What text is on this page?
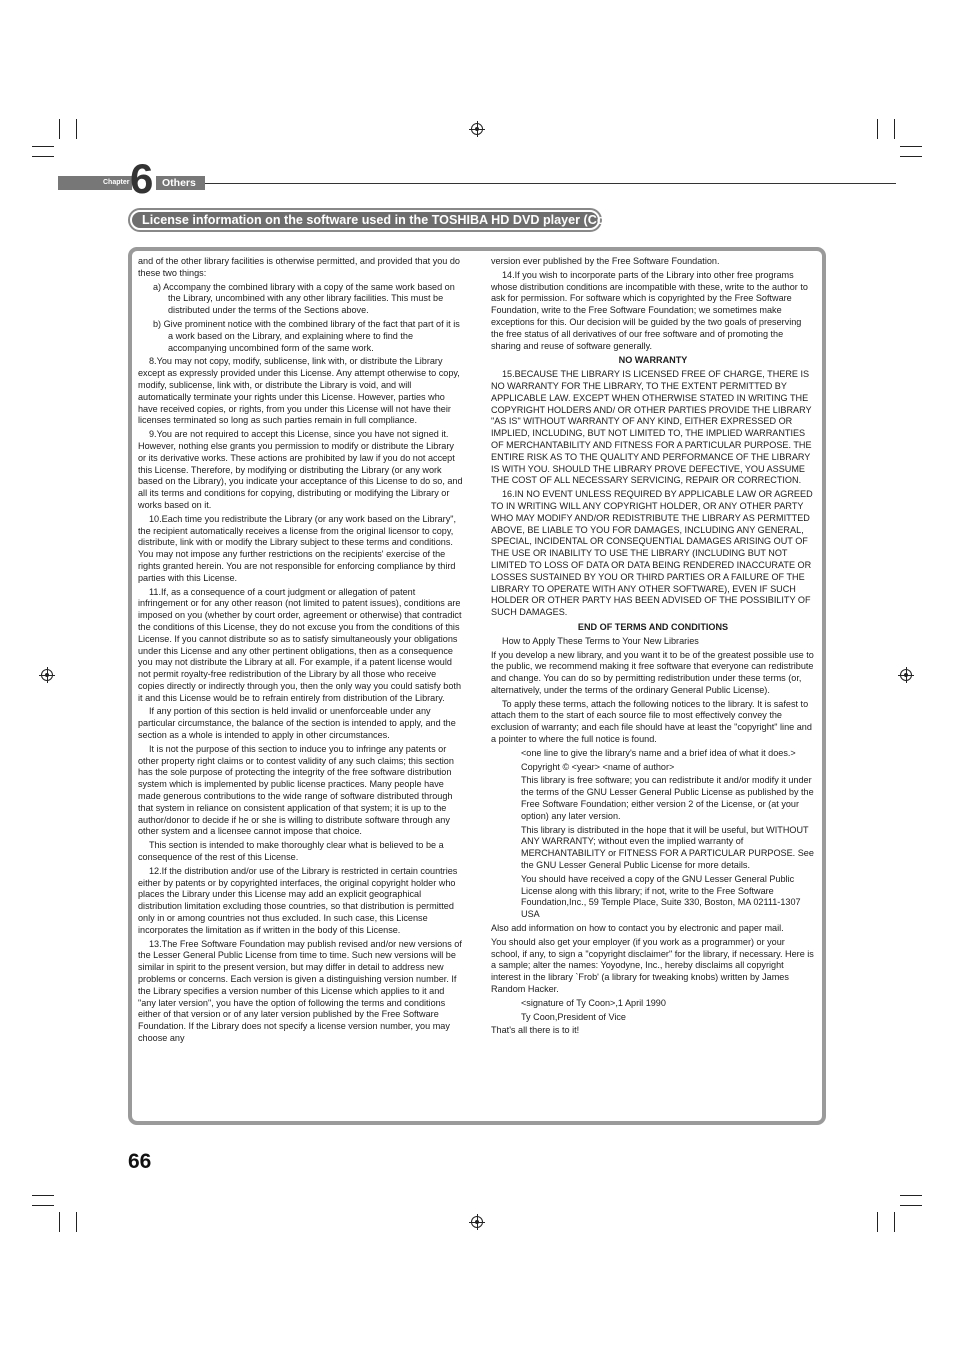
Chapter 6 Others
License information on the software used in the TOSHIBA HD DVD player (Continued)

and of the other library facilities is otherwise permitted, and provided that you do these two things:

a) Accompany the combined library with a copy of the same work based on the Library, uncombined with any other library facilities. This must be distributed under the terms of the Sections above.

b) Give prominent notice with the combined library of the fact that part of it is a work based on the Library, and explaining where to find the accompanying uncombined form of the same work.

8.You may not copy, modify, sublicense, link with, or distribute the Library except as expressly provided under this License. Any attempt otherwise to copy, modify, sublicense, link with, or distribute the Library is void, and will automatically terminate your rights under this License. However, parties who have received copies, or rights, from you under this License will not have their licenses terminated so long as such parties remain in full compliance.

9.You are not required to accept this License, since you have not signed it. However, nothing else grants you permission to modify or distribute the Library or its derivative works. These actions are prohibited by law if you do not accept this License. Therefore, by modifying or distributing the Library (or any work based on the Library), you indicate your acceptance of this License to do so, and all its terms and conditions for copying, distributing or modifying the Library or works based on it.

10.Each time you redistribute the Library (or any work based on the Library", the recipient automatically receives a license from the original licensor to copy, distribute, link with or modify the Library subject to these terms and conditions. You may not impose any further restrictions on the recipients' exercise of the rights granted herein. You are not responsible for enforcing compliance by third parties with this License.

11.If, as a consequence of a court judgment or allegation of patent infringement or for any other reason (not limited to patent issues), conditions are imposed on you (whether by court order, agreement or otherwise) that contradict the conditions of this License, they do not excuse you from the conditions of this License. If you cannot distribute so as to satisfy simultaneously your obligations under this License and any other pertinent obligations, then as a consequence you may not distribute the Library at all. For example, if a patent license would not permit royalty-free redistribution of the Library by all those who receive copies directly or indirectly through you, then the only way you could satisfy both it and this License would be to refrain entirely from distribution of the Library.

If any portion of this section is held invalid or unenforceable under any particular circumstance, the balance of the section is intended to apply, and the section as a whole is intended to apply in other circumstances.

It is not the purpose of this section to induce you to infringe any patents or other property right claims or to contest validity of any such claims; this section has the sole purpose of protecting the integrity of the free software distribution system which is implemented by public license practices. Many people have made generous contributions to the wide range of software distributed through that system in reliance on consistent application of that system; it is up to the author/donor to decide if he or she is willing to distribute software through any other system and a licensee cannot impose that choice.

This section is intended to make thoroughly clear what is believed to be a consequence of the rest of this License.

12.If the distribution and/or use of the Library is restricted in certain countries either by patents or by copyrighted interfaces, the original copyright holder who places the Library under this License may add an explicit geographical distribution limitation excluding those countries, so that distribution is permitted only in or among countries not thus excluded. In such case, this License incorporates the limitation as if written in the body of this License.

13.The Free Software Foundation may publish revised and/or new versions of the Lesser General Public License from time to time. Such new versions will be similar in spirit to the present version, but may differ in detail to address new problems or concerns. Each version is given a distinguishing version number. If the Library specifies a version number of this License which applies to it and "any later version", you have the option of following the terms and conditions either of that version or of any later version published by the Free Software Foundation. If the Library does not specify a license version number, you may choose any

version ever published by the Free Software Foundation.

14.If you wish to incorporate parts of the Library into other free programs whose distribution conditions are incompatible with these, write to the author to ask for permission. For software which is copyrighted by the Free Software Foundation, write to the Free Software Foundation; we sometimes make exceptions for this. Our decision will be guided by the two goals of preserving the free status of all derivatives of our free software and of promoting the sharing and reuse of software generally.

NO WARRANTY

15.BECAUSE THE LIBRARY IS LICENSED FREE OF CHARGE, THERE IS NO WARRANTY FOR THE LIBRARY, TO THE EXTENT PERMITTED BY APPLICABLE LAW. EXCEPT WHEN OTHERWISE STATED IN WRITING THE COPYRIGHT HOLDERS AND/ OR OTHER PARTIES PROVIDE THE LIBRARY "AS IS" WITHOUT WARRANTY OF ANY KIND, EITHER EXPRESSED OR IMPLIED, INCLUDING, BUT NOT LIMITED TO, THE IMPLIED WARRANTIES OF MERCHANTABILITY AND FITNESS FOR A PARTICULAR PURPOSE. THE ENTIRE RISK AS TO THE QUALITY AND PERFORMANCE OF THE LIBRARY IS WITH YOU. SHOULD THE LIBRARY PROVE DEFECTIVE, YOU ASSUME THE COST OF ALL NECESSARY SERVICING, REPAIR OR CORRECTION.

16.IN NO EVENT UNLESS REQUIRED BY APPLICABLE LAW OR AGREED TO IN WRITING WILL ANY COPYRIGHT HOLDER, OR ANY OTHER PARTY WHO MAY MODIFY AND/OR REDISTRIBUTE THE LIBRARY AS PERMITTED ABOVE, BE LIABLE TO YOU FOR DAMAGES, INCLUDING ANY GENERAL, SPECIAL, INCIDENTAL OR CONSEQUENTIAL DAMAGES ARISING OUT OF THE USE OR INABILITY TO USE THE LIBRARY (INCLUDING BUT NOT LIMITED TO LOSS OF DATA OR DATA BEING RENDERED INACCURATE OR LOSSES SUSTAINED BY YOU OR THIRD PARTIES OR A FAILURE OF THE LIBRARY TO OPERATE WITH ANY OTHER SOFTWARE), EVEN IF SUCH HOLDER OR OTHER PARTY HAS BEEN ADVISED OF THE POSSIBILITY OF SUCH DAMAGES.

END OF TERMS AND CONDITIONS

How to Apply These Terms to Your New Libraries

If you develop a new library, and you want it to be of the greatest possible use to the public, we recommend making it free software that everyone can redistribute and change. You can do so by permitting redistribution under these terms (or, alternatively, under the terms of the ordinary General Public License).

To apply these terms, attach the following notices to the library. It is safest to attach them to the start of each source file to most effectively convey the exclusion of warranty; and each file should have at least the "copyright" line and a pointer to where the full notice is found.

<one line to give the library's name and a brief idea of what it does.>

Copyright © <year> <name of author>

This library is free software; you can redistribute it and/or modify it under the terms of the GNU Lesser General Public License as published by the Free Software Foundation; either version 2 of the License, or (at your option) any later version.

This library is distributed in the hope that it will be useful, but WITHOUT ANY WARRANTY; without even the implied warranty of MERCHANTABILITY or FITNESS FOR A PARTICULAR PURPOSE. See the GNU Lesser General Public License for more details.

You should have received a copy of the GNU Lesser General Public License along with this library; if not, write to the Free Software Foundation,Inc., 59 Temple Place, Suite 330, Boston, MA 02111-1307 USA

Also add information on how to contact you by electronic and paper mail.

You should also get your employer (if you work as a programmer) or your school, if any, to sign a "copyright disclaimer" for the library, if necessary. Here is a sample; alter the names: Yoyodyne, Inc., hereby disclaims all copyright interest in the library `Frob' (a library for tweaking knobs) written by James Random Hacker.

<signature of Ty Coon>,1 April 1990

Ty Coon,President of Vice

That's all there is to it!

66
